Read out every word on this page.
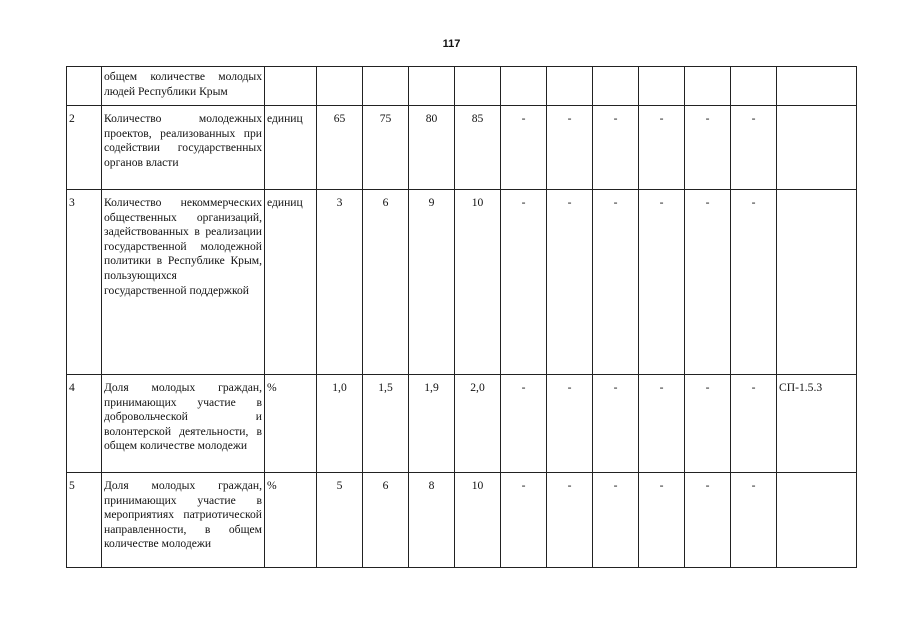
117
	общем количестве молодых людей Республики Крым												
2	Количество молодежных проектов, реализованных при содействии государственных органов власти	единиц	65	75	80	85	-	-	-	-	-	-	
3	Количество некоммерческих общественных организаций, задействованных в реализации государственной молодежной политики в Республике Крым, пользующихся государственной поддержкой	единиц	3	6	9	10	-	-	-	-	-	-	
4	Доля молодых граждан, принимающих участие в добровольческой и волонтерской деятельности, в общем количестве молодежи	%	1,0	1,5	1,9	2,0	-	-	-	-	-	-	СП-1.5.3
5	Доля молодых граждан, принимающих участие в мероприятиях патриотической направленности, в общем количестве молодежи	%	5	6	8	10	-	-	-	-	-	-	
